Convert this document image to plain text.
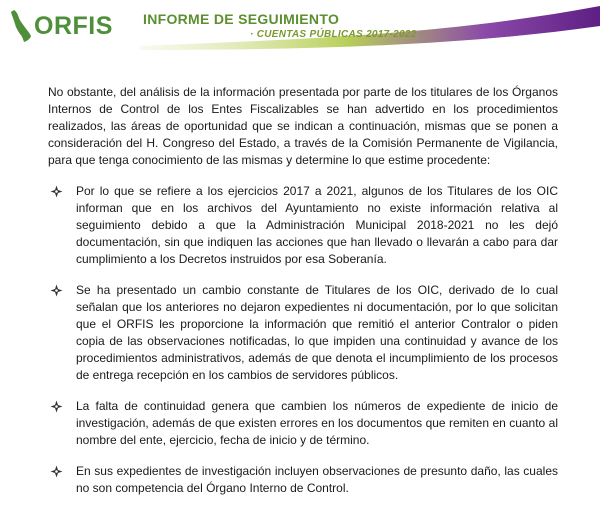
ORFIS INFORME DE SEGUIMIENTO
· CUENTAS PÚBLICAS 2017-2022 ·

No obstante, del análisis de la información presentada por parte de los titulares de los Órganos Internos de Control de los Entes Fiscalizables se han advertido en los procedimientos realizados, las áreas de oportunidad que se indican a continuación, mismas que se ponen a consideración del H. Congreso del Estado, a través de la Comisión Permanente de Vigilancia, para que tenga conocimiento de las mismas y determine lo que estime procedente:

Por lo que se refiere a los ejercicios 2017 a 2021, algunos de los Titulares de los OIC informan que en los archivos del Ayuntamiento no existe información relativa al seguimiento debido a que la Administración Municipal 2018-2021 no les dejó documentación, sin que indiquen las acciones que han llevado o llevarán a cabo para dar cumplimiento a los Decretos instruidos por esa Soberanía.
Se ha presentado un cambio constante de Titulares de los OIC, derivado de lo cual señalan que los anteriores no dejaron expedientes ni documentación, por lo que solicitan que el ORFIS les proporcione la información que remitió el anterior Contralor o piden copia de las observaciones notificadas, lo que impiden una continuidad y avance de los procedimientos administrativos, además de que denota el incumplimiento de los procesos de entrega recepción en los cambios de servidores públicos.
La falta de continuidad genera que cambien los números de expediente de inicio de investigación, además de que existen errores en los documentos que remiten en cuanto al nombre del ente, ejercicio, fecha de inicio y de término.
En sus expedientes de investigación incluyen observaciones de presunto daño, las cuales no son competencia del Órgano Interno de Control.
